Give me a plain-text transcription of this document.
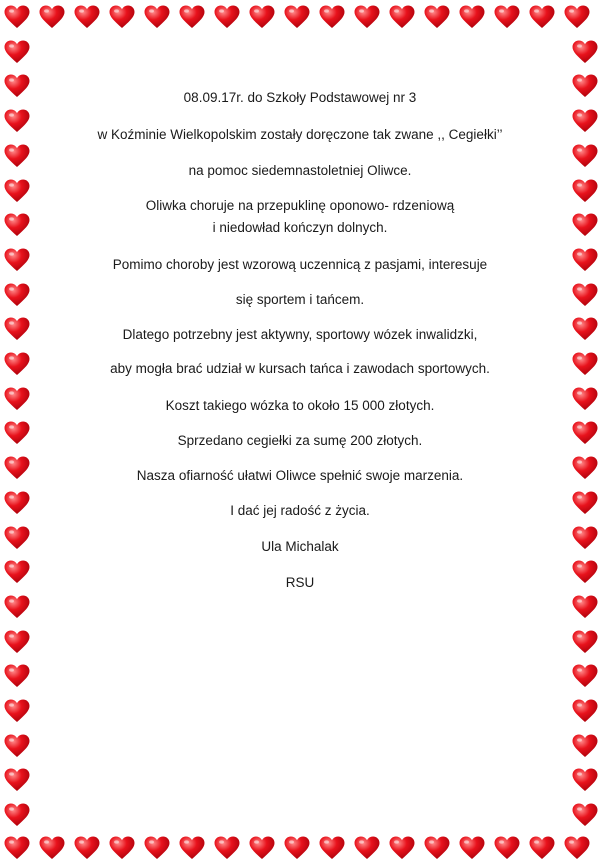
08.09.17r. do Szkoły Podstawowej nr 3
w Koźminie Wielkopolskim zostały doręczone tak zwane ,, Cegiełki’’
na pomoc siedemnastoletniej Oliwce.
Oliwka choruje na przepuklinę oponowo- rdzeniową
i niedowład kończyn dolnych.
Pomimo choroby jest wzorową uczennicą z pasjami, interesuje
się sportem i tańcem.
Dlatego potrzebny jest aktywny, sportowy wózek inwalidzki,
aby mogła brać udział w kursach tańca i zawodach sportowych.
Koszt takiego wózka to około 15 000 złotych.
Sprzedano cegiełki za sumę 200 złotych.
Nasza ofiarność ułatwi Oliwce spełnić swoje marzenia.
I dać jej radość z życia.
Ula Michalak
RSU
